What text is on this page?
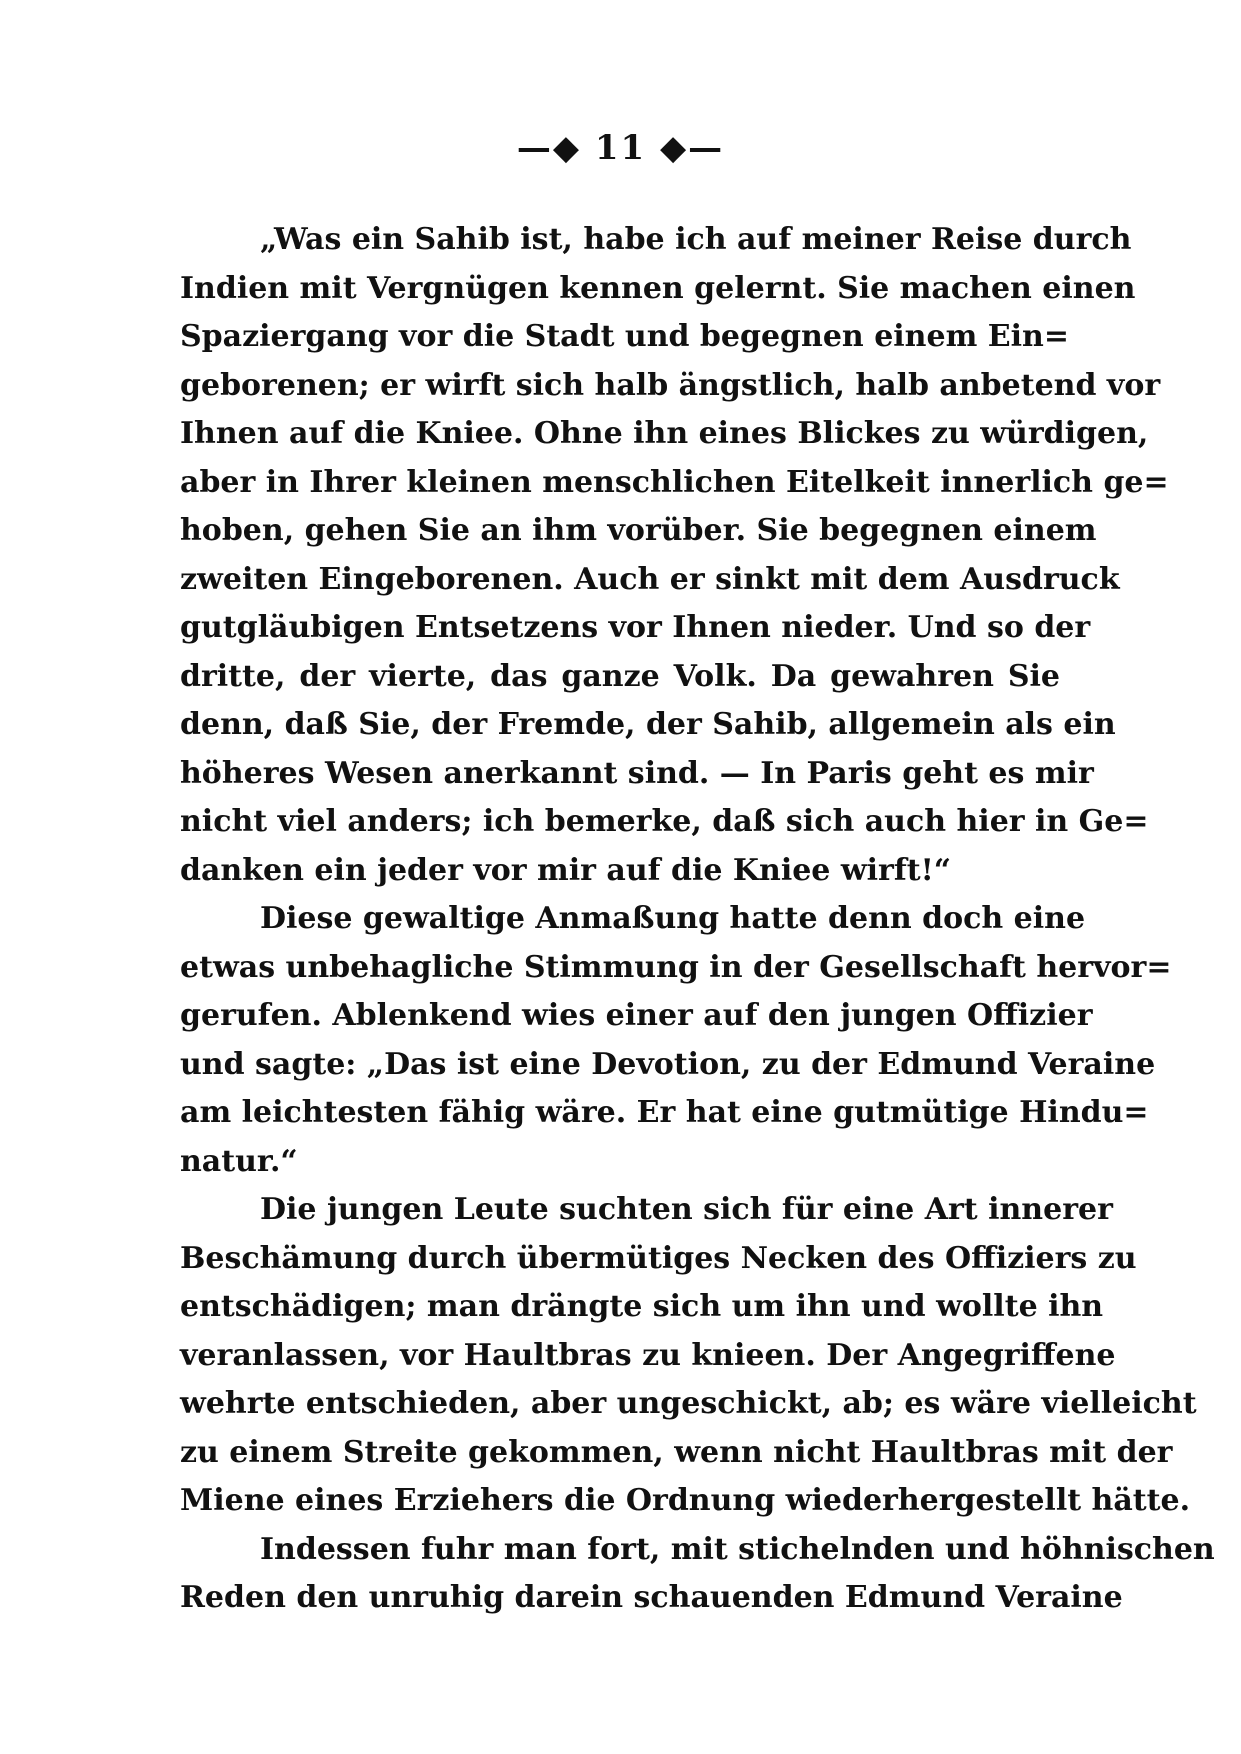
—◆ 11 ◆—
„Was ein Sahib ist, habe ich auf meiner Reise durch
Indien mit Vergnügen kennen gelernt. Sie machen einen
Spaziergang vor die Stadt und begegnen einem Ein=
geborenen; er wirft sich halb ängstlich, halb anbetend vor
Ihnen auf die Kniee. Ohne ihn eines Blickes zu würdigen,
aber in Ihrer kleinen menschlichen Eitelkeit innerlich ge=
hoben, gehen Sie an ihm vorüber. Sie begegnen einem
zweiten Eingeborenen. Auch er sinkt mit dem Ausdruck
gutgläubigen Entsetzens vor Ihnen nieder. Und so der
dritte, der vierte, das ganze Volk. Da gewahren Sie
denn, daß Sie, der Fremde, der Sahib, allgemein als ein
höheres Wesen anerkannt sind. — In Paris geht es mir
nicht viel anders; ich bemerke, daß sich auch hier in Ge=
danken ein jeder vor mir auf die Kniee wirft!“
Diese gewaltige Anmaßung hatte denn doch eine
etwas unbehagliche Stimmung in der Gesellschaft hervor=
gerufen. Ablenkend wies einer auf den jungen Offizier
und sagte: „Das ist eine Devotion, zu der Edmund Veraine
am leichtesten fähig wäre. Er hat eine gutmütige Hindu=
natur.“
Die jungen Leute suchten sich für eine Art innerer
Beschämung durch übermütiges Necken des Offiziers zu
entschädigen; man drängte sich um ihn und wollte ihn
veranlassen, vor Haultbras zu knieen. Der Angegriffene
wehrte entschieden, aber ungeschickt, ab; es wäre vielleicht
zu einem Streite gekommen, wenn nicht Haultbras mit der
Miene eines Erziehers die Ordnung wiederhergestellt hätte.
Indessen fuhr man fort, mit stichelnden und höhnischen
Reden den unruhig darein schauenden Edmund Veraine
